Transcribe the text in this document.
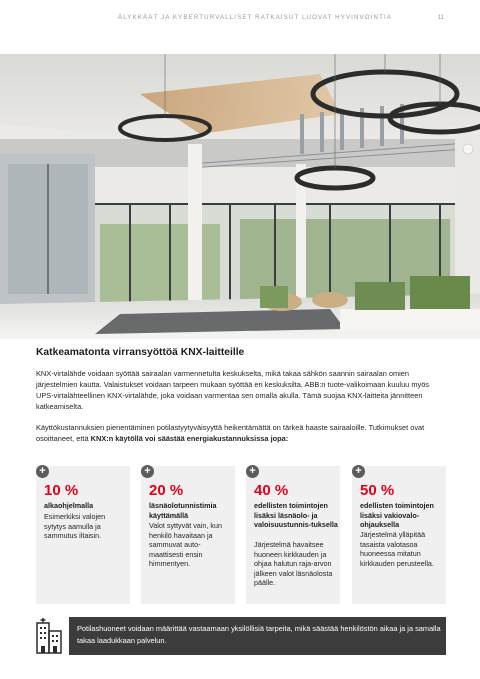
ÄLYKKÄÄT JA KYBERTURVALLISET RATKAISUT LUOVAT HYVINVOINTIA	11
Katkeamatonta virransyöttöä KNX-laitteille

KNX-virtalähde voidaan syöttää sairaalan varmennetulta keskukselta, mikä takaa sähkön saannin sairaalan omien järjestelmien kautta. Valaistukset voidaan tarpeen mukaan syöttää eri keskuksilta. ABB:n tuote-valikoimaan kuuluu myös UPS-virtalähteellinen KNX-virtalähde, joka voidaan varmentaa sen omalla akulla. Tämä suojaa KNX-laitteita jännitteen katkeamiselta.

Käyttökustannuksien pienentäminen potilastyytyväisyyttä heikentämättä on tärkeä haaste sairaaloille. Tutkimukset ovat osoittaneet, että KNX:n käytöllä voi säästää energiakustannuksissa jopa:

+
10 %
alkaohjelmalla
Esimerkiksi valojen sytytys aamulla ja sammutus iltaisin.
+
20 %
läsnäolotunnistimia käyttämällä
Valot syttyvät vain, kun henkilö havaitaan ja sammuvat auto-maattisesti ensin himmentyen.
+
40 %
edellisten toimintojen lisäksi läsnäolo- ja valoisuustunnis-tuksella
Järjestelmä havaitsee huoneen kirkkauden ja ohjaa halutun raja-arvon jälkeen valot läsnäolosta päälle.
+
50 %
edellisten toimintojen lisäksi vakiovalo-ohjauksella
Järjestelmä ylläpitää tasaista valotasoa huoneessa mitatun kirkkauden perusteella.
Potilashuoneet voidaan määrittää vastaamaan yksilöllisiä tarpeita, mikä säästää henkilöstön aikaa ja ja samalla takaa laadukkaan palvelun.
